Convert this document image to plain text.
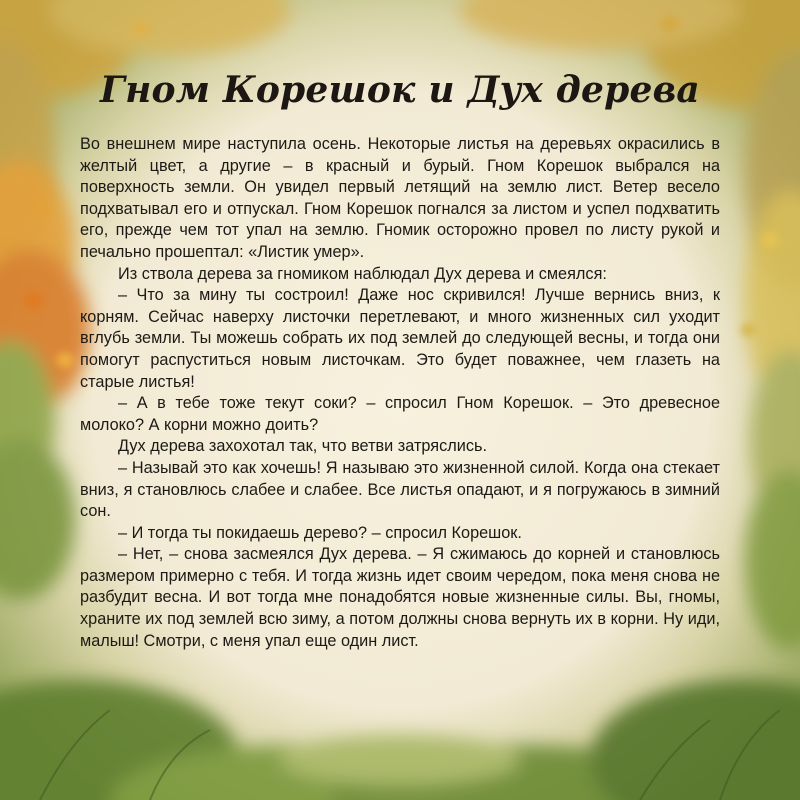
Гном Корешок и Дух дерева

Во внешнем мире наступила осень. Некоторые листья на деревьях окрасились в желтый цвет, а другие – в красный и бурый. Гном Корешок выбрался на поверхность земли. Он увидел первый летящий на землю лист. Ветер весело подхватывал его и отпускал. Гном Корешок погнался за листом и успел подхватить его, прежде чем тот упал на землю. Гномик осторожно провел по листу рукой и печально прошептал: «Листик умер».

Из ствола дерева за гномиком наблюдал Дух дерева и смеялся:

– Что за мину ты состроил! Даже нос скривился! Лучше вернись вниз, к корням. Сейчас наверху листочки перетлевают, и много жизненных сил уходит вглубь земли. Ты можешь собрать их под землей до следующей весны, и тогда они помогут распуститься новым листочкам. Это будет поважнее, чем глазеть на старые листья!

– А в тебе тоже текут соки? – спросил Гном Корешок. – Это древесное молоко? А корни можно доить?

Дух дерева захохотал так, что ветви затряслись.

– Называй это как хочешь! Я называю это жизненной силой. Когда она стекает вниз, я становлюсь слабее и слабее. Все листья опадают, и я погружаюсь в зимний сон.

– И тогда ты покидаешь дерево? – спросил Корешок.

– Нет, – снова засмеялся Дух дерева. – Я сжимаюсь до корней и становлюсь размером примерно с тебя. И тогда жизнь идет своим чередом, пока меня снова не разбудит весна. И вот тогда мне понадобятся новые жизненные силы. Вы, гномы, храните их под землей всю зиму, а потом должны снова вернуть их в корни. Ну иди, малыш! Смотри, с меня упал еще один лист.
